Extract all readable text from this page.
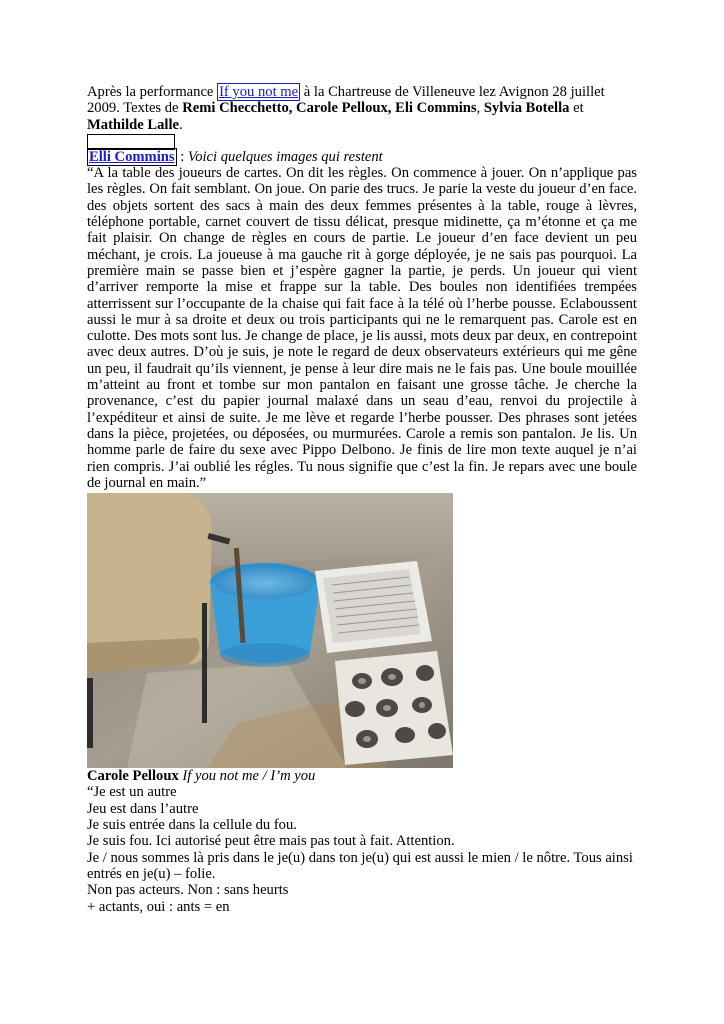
Après la performance If you not me à la Chartreuse de Villeneuve lez Avignon 28 juillet 2009. Textes de Remi Checchetto, Carole Pelloux, Eli Commins, Sylvia Botella et Mathilde Lalle.

Elli Commins : Voici quelques images qui restent

“A la table des joueurs de cartes. On dit les règles. On commence à jouer. On n’applique pas les règles. On fait semblant. On joue. On parie des trucs. Je parie la veste du joueur d’en face. des objets sortent des sacs à main des deux femmes présentes à la table, rouge à lèvres, téléphone portable, carnet couvert de tissu délicat, presque midinette, ça m’étonne et ça me fait plaisir. On change de règles en cours de partie. Le joueur d’en face devient un peu méchant, je crois. La joueuse à ma gauche rit à gorge déployée, je ne sais pas pourquoi. La première main se passe bien et j’espère gagner la partie, je perds. Un joueur qui vient d’arriver remporte la mise et frappe sur la table. Des boules non identifiées trempées atterrissent sur l’occupante de la chaise qui fait face à la télé où l’herbe pousse. Eclaboussent aussi le mur à sa droite et deux ou trois participants qui ne le remarquent pas. Carole est en culotte. Des mots sont lus. Je change de place, je lis aussi, mots deux par deux, en contrepoint avec deux autres. D’où je suis, je note le regard de deux observateurs extérieurs qui me gêne un peu, il faudrait qu’ils viennent, je pense à leur dire mais ne le fais pas. Une boule mouillée m’atteint au front et tombe sur mon pantalon en faisant une grosse tâche. Je cherche la provenance, c’est du papier journal malaxé dans un seau d’eau, renvoi du projectile à l’expéditeur et ainsi de suite. Je me lève et regarde l’herbe pousser. Des phrases sont jetées dans la pièce, projetées, ou déposées, ou murmurées. Carole a remis son pantalon. Je lis. Un homme parle de faire du sexe avec Pippo Delbono. Je finis de lire mon texte auquel je n’ai rien compris. J’ai oublié les régles. Tu nous signifie que c’est la fin. Je repars avec une boule de journal en main.”

Carole Pelloux If you not me / I’m you

“Je est un autre

Jeu est dans l’autre

Je suis entrée dans la cellule du fou.

Je suis fou. Ici autorisé peut être mais pas tout à fait. Attention.

Je / nous sommes là pris dans le je(u) dans ton je(u) qui est aussi le mien / le nôtre. Tous ainsi entrés en je(u) – folie.

Non pas acteurs. Non : sans heurts

+ actants, oui : ants = en
